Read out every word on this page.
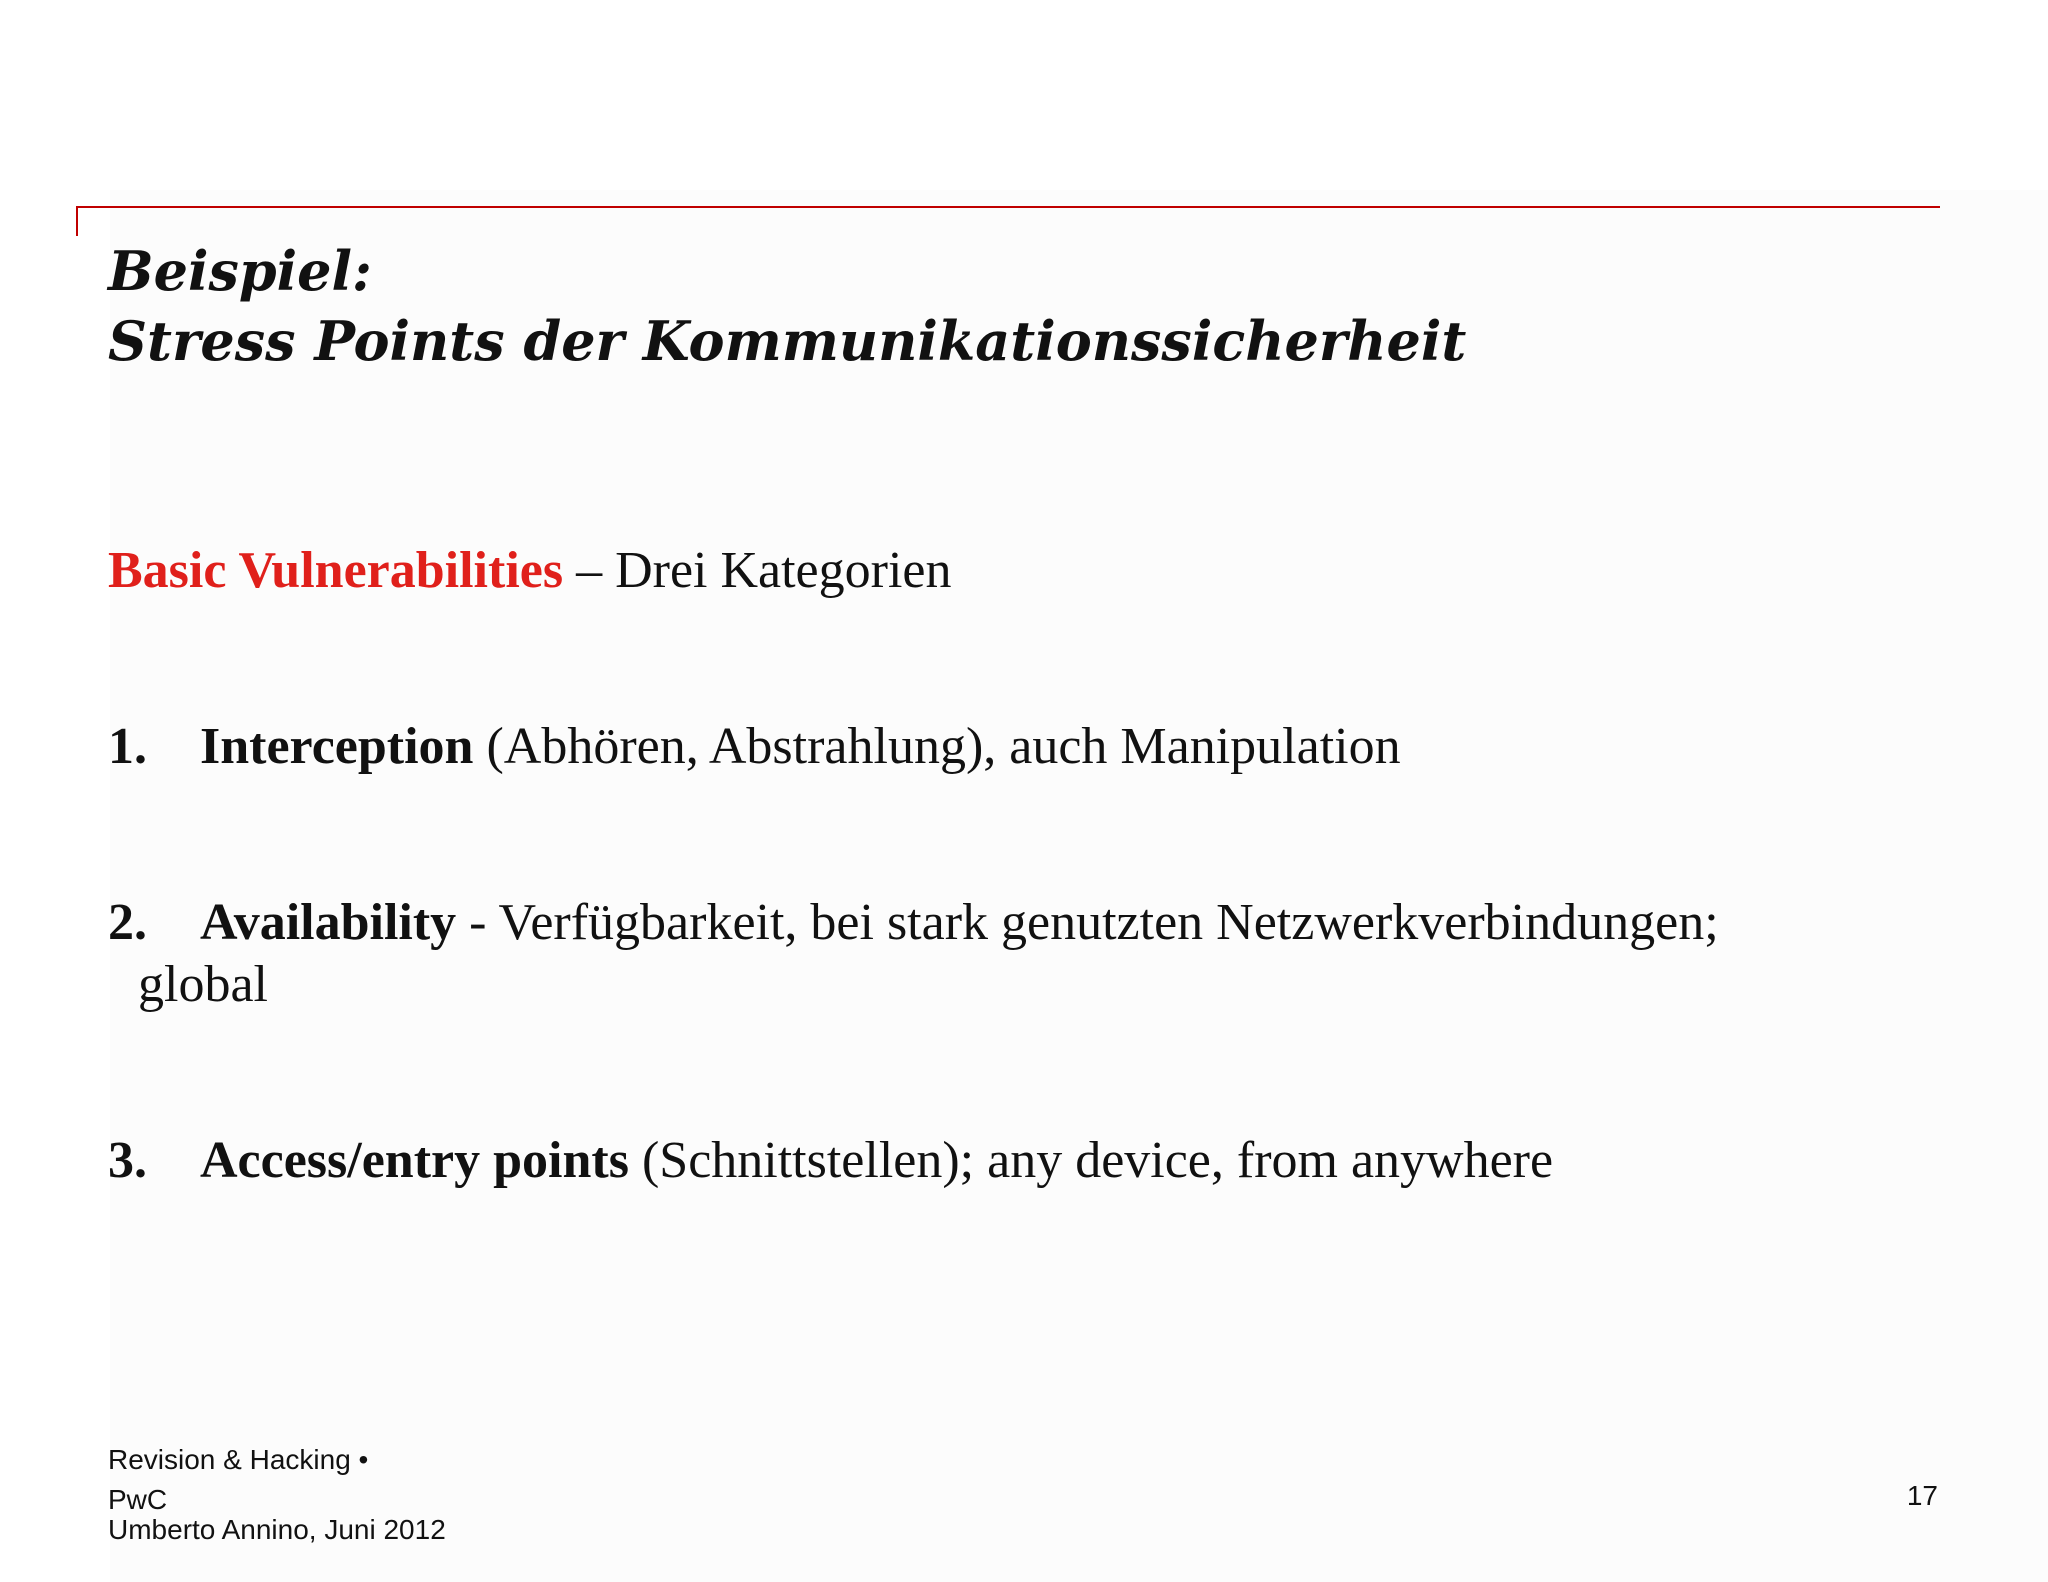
Beispiel:
Stress Points der Kommunikationssicherheit
Basic Vulnerabilities – Drei Kategorien
1. Interception (Abhören, Abstrahlung), auch Manipulation
2. Availability - Verfügbarkeit, bei stark genutzten Netzwerkverbindungen;
global
3. Access/entry points (Schnittstellen); any device, from anywhere
Revision & Hacking •
PwC
Umberto Annino, Juni 2012
17
